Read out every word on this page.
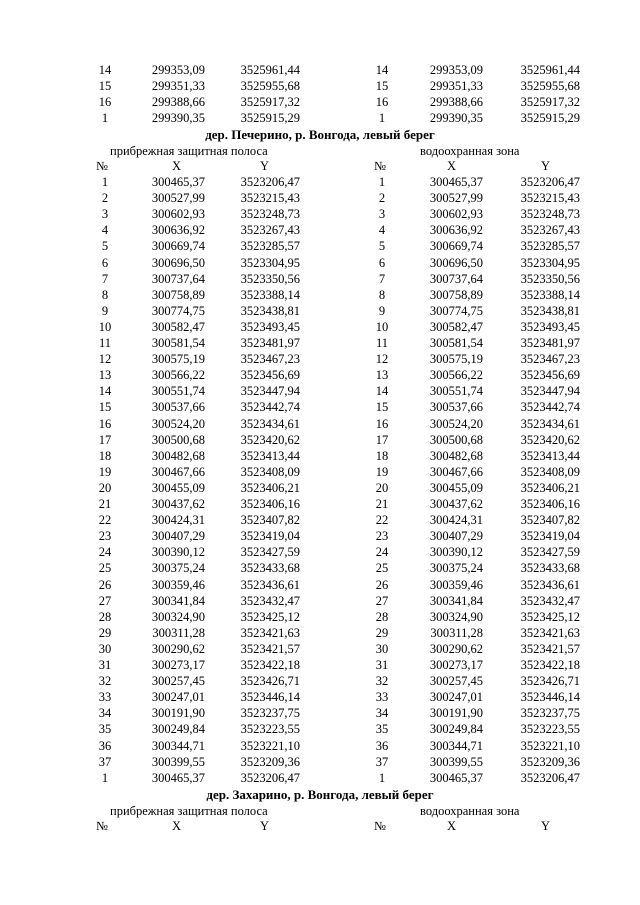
14	299353,09	3525961,44	14	299353,09	3525961,44
15	299351,33	3525955,68	15	299351,33	3525955,68
16	299388,66	3525917,32	16	299388,66	3525917,32
1	299390,35	3525915,29	1	299390,35	3525915,29
дер. Печерино, р. Вонгода, левый берег
прибрежная защитная полоса	водоохранная зона
№	X	Y	№	X	Y
1	300465,37	3523206,47	1	300465,37	3523206,47
2	300527,99	3523215,43	2	300527,99	3523215,43
3	300602,93	3523248,73	3	300602,93	3523248,73
4	300636,92	3523267,43	4	300636,92	3523267,43
5	300669,74	3523285,57	5	300669,74	3523285,57
6	300696,50	3523304,95	6	300696,50	3523304,95
7	300737,64	3523350,56	7	300737,64	3523350,56
8	300758,89	3523388,14	8	300758,89	3523388,14
9	300774,75	3523438,81	9	300774,75	3523438,81
10	300582,47	3523493,45	10	300582,47	3523493,45
11	300581,54	3523481,97	11	300581,54	3523481,97
12	300575,19	3523467,23	12	300575,19	3523467,23
13	300566,22	3523456,69	13	300566,22	3523456,69
14	300551,74	3523447,94	14	300551,74	3523447,94
15	300537,66	3523442,74	15	300537,66	3523442,74
16	300524,20	3523434,61	16	300524,20	3523434,61
17	300500,68	3523420,62	17	300500,68	3523420,62
18	300482,68	3523413,44	18	300482,68	3523413,44
19	300467,66	3523408,09	19	300467,66	3523408,09
20	300455,09	3523406,21	20	300455,09	3523406,21
21	300437,62	3523406,16	21	300437,62	3523406,16
22	300424,31	3523407,82	22	300424,31	3523407,82
23	300407,29	3523419,04	23	300407,29	3523419,04
24	300390,12	3523427,59	24	300390,12	3523427,59
25	300375,24	3523433,68	25	300375,24	3523433,68
26	300359,46	3523436,61	26	300359,46	3523436,61
27	300341,84	3523432,47	27	300341,84	3523432,47
28	300324,90	3523425,12	28	300324,90	3523425,12
29	300311,28	3523421,63	29	300311,28	3523421,63
30	300290,62	3523421,57	30	300290,62	3523421,57
31	300273,17	3523422,18	31	300273,17	3523422,18
32	300257,45	3523426,71	32	300257,45	3523426,71
33	300247,01	3523446,14	33	300247,01	3523446,14
34	300191,90	3523237,75	34	300191,90	3523237,75
35	300249,84	3523223,55	35	300249,84	3523223,55
36	300344,71	3523221,10	36	300344,71	3523221,10
37	300399,55	3523209,36	37	300399,55	3523209,36
1	300465,37	3523206,47	1	300465,37	3523206,47
дер. Захарино, р. Вонгода, левый берег
прибрежная защитная полоса	водоохранная зона
№	X	Y	№	X	Y
